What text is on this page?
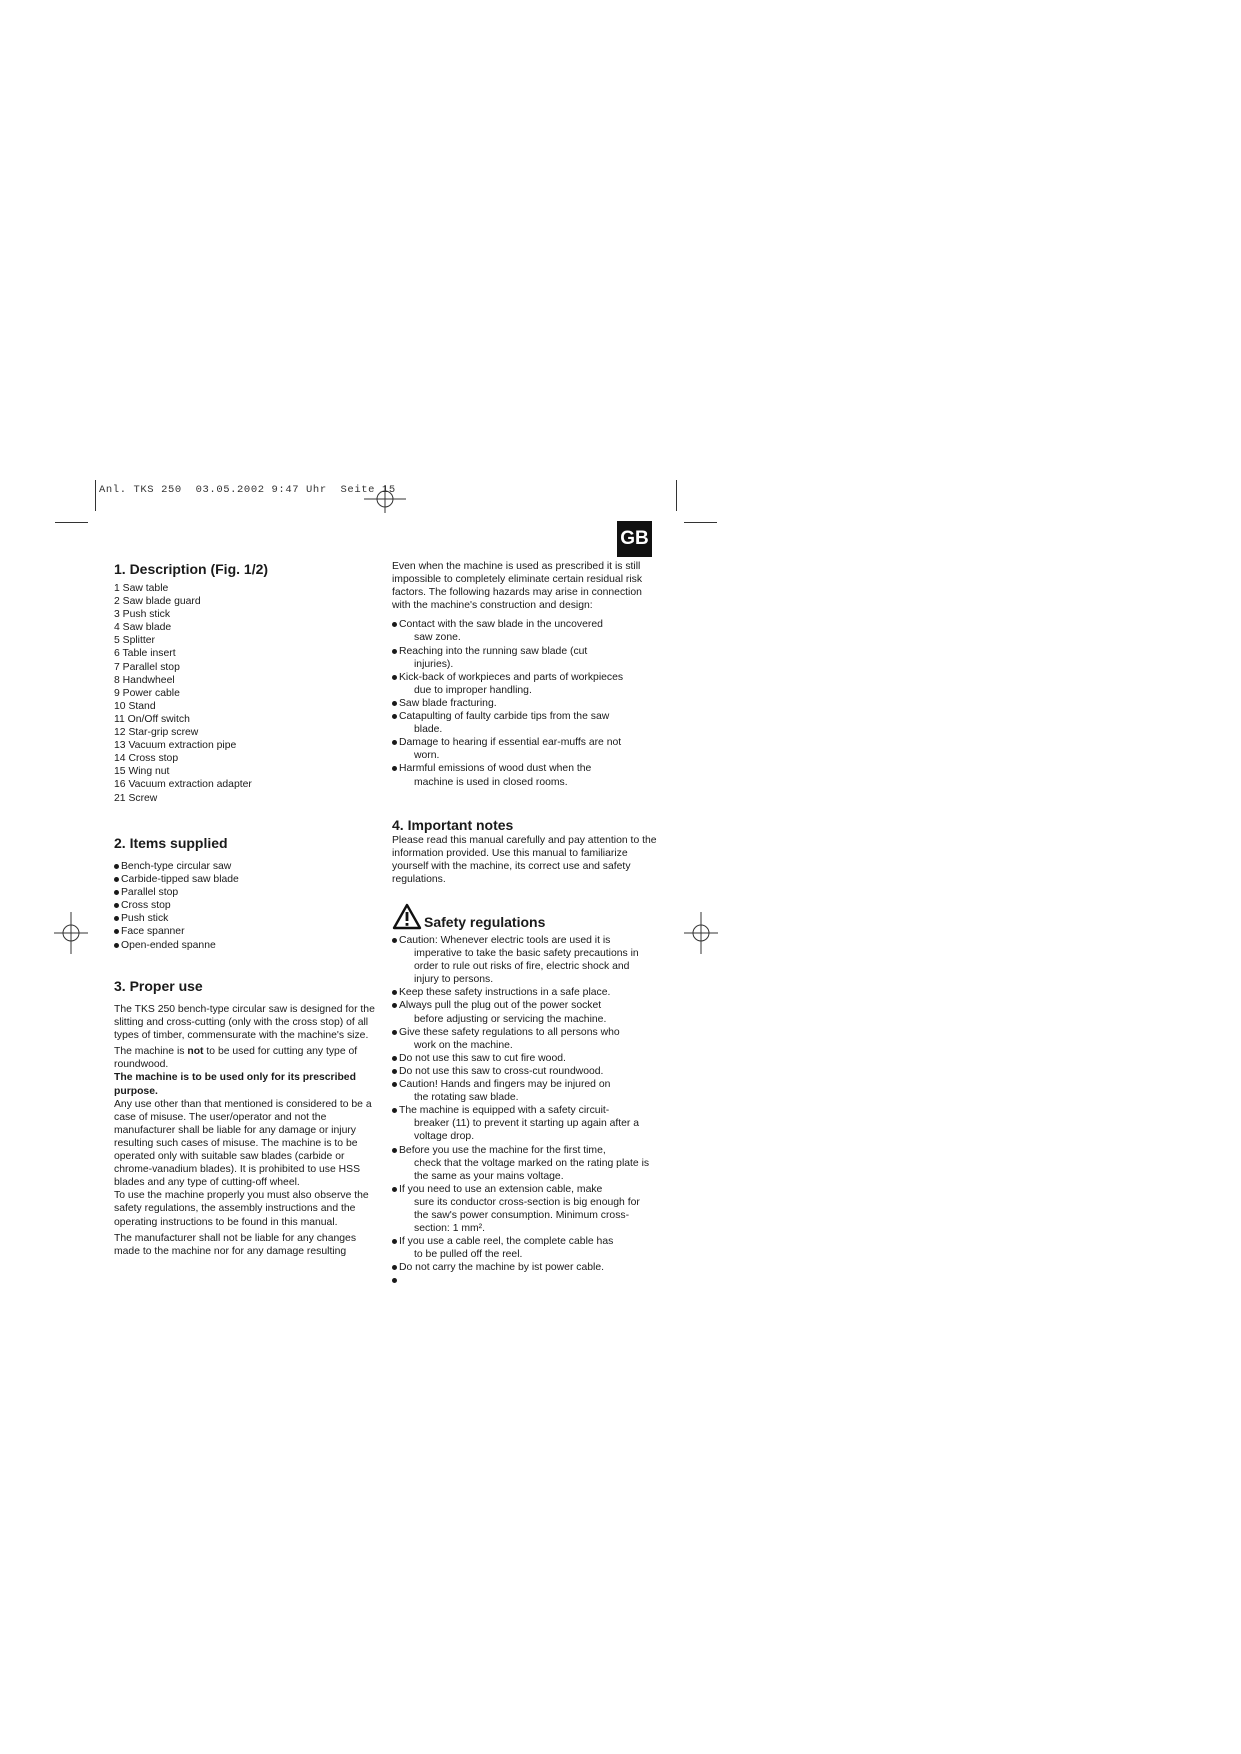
Anl. TKS 250  03.05.2002 9:47 Uhr  Seite 15
GB
1. Description (Fig. 1/2)
1 Saw table
2 Saw blade guard
3 Push stick
4 Saw blade
5 Splitter
6 Table insert
7 Parallel stop
8 Handwheel
9 Power cable
10 Stand
11 On/Off switch
12 Star-grip screw
13 Vacuum extraction pipe
14 Cross stop
15 Wing nut
16 Vacuum extraction adapter
21 Screw
2. Items supplied
Bench-type circular saw
Carbide-tipped saw blade
Parallel stop
Cross stop
Push stick
Face spanner
Open-ended spanne
3. Proper use

The TKS 250 bench-type circular saw is designed for the slitting and cross-cutting (only with the cross stop) of all types of timber, commensurate with the machine's size.

The machine is not to be used for cutting any type of roundwood.

The machine is to be used only for its prescribed purpose.

Any use other than that mentioned is considered to be a case of misuse. The user/operator and not the manufacturer shall be liable for any damage or injury resulting such cases of misuse. The machine is to be operated only with suitable saw blades (carbide or chrome-vanadium blades). It is prohibited to use HSS blades and any type of cutting-off wheel.

To use the machine properly you must also observe the safety regulations, the assembly instructions and the operating instructions to be found in this manual.

The manufacturer shall not be liable for any changes made to the machine nor for any damage resulting

Even when the machine is used as prescribed it is still impossible to completely eliminate certain residual risk factors. The following hazards may arise in connection with the machine's construction and design:

Contact with the saw blade in the uncovered
saw zone.
Reaching into the running saw blade (cut
injuries).
Kick-back of workpieces and parts of workpieces
due to improper handling.
Saw blade fracturing.
Catapulting of faulty carbide tips from the saw
blade.
Damage to hearing if essential ear-muffs are not
worn.
Harmful emissions of wood dust when the
machine is used in closed rooms.
4. Important notes

Please read this manual carefully and pay attention to the information provided. Use this manual to familiarize yourself with the machine, its correct use and safety regulations.

Safety regulations
Caution: Whenever electric tools are used it is
imperative to take the basic safety precautions in order to rule out risks of fire, electric shock and injury to persons.
Keep these safety instructions in a safe place.
Always pull the plug out of the power socket
before adjusting or servicing the machine.
Give these safety regulations to all persons who
work on the machine.
Do not use this saw to cut fire wood.
Do not use this saw to cross-cut roundwood.
Caution! Hands and fingers may be injured on
the rotating saw blade.
The machine is equipped with a safety circuit-
breaker (11) to prevent it starting up again after a voltage drop.
Before you use the machine for the first time,
check that the voltage marked on the rating plate is the same as your mains voltage.
If you need to use an extension cable, make
sure its conductor cross-section is big enough for the saw's power consumption. Minimum cross-section: 1 mm².
If you use a cable reel, the complete cable has
to be pulled off the reel.
Do not carry the machine by ist power cable.
